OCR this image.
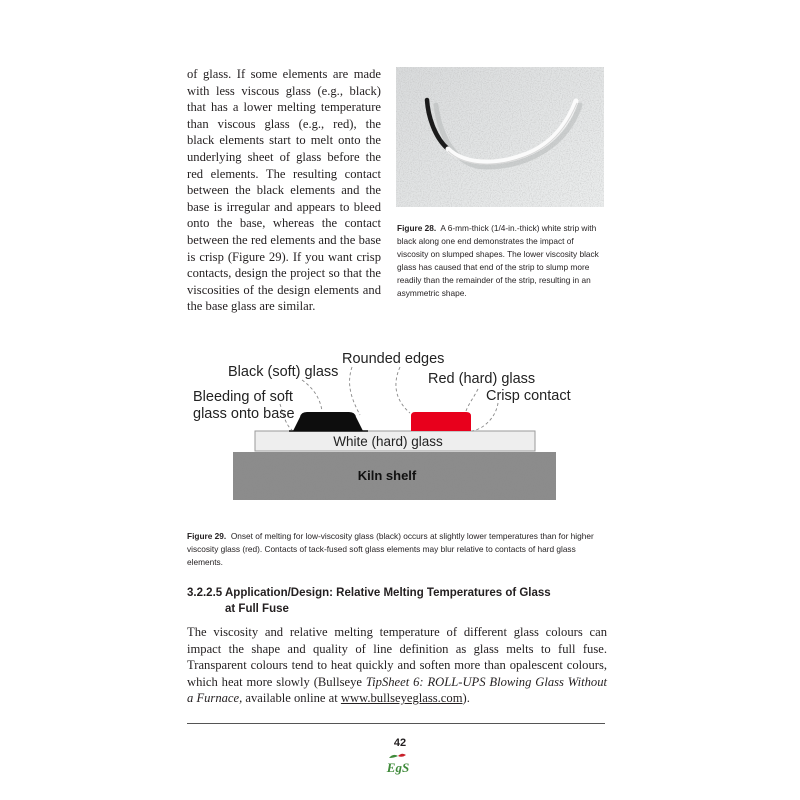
of glass. If some elements are made with less viscous glass (e.g., black) that has a lower melting temperature than viscous glass (e.g., red), the black elements start to melt onto the underlying sheet of glass before the red elements. The resulting contact between the black elements and the base is irregular and appears to bleed onto the base, whereas the contact between the red elements and the base is crisp (Figure 29). If you want crisp contacts, design the project so that the viscosities of the design elements and the base glass are similar.
Figure 28. A 6-mm-thick (1/4-in.-thick) white strip with black along one end demonstrates the impact of viscosity on slumped shapes. The lower viscosity black glass has caused that end of the strip to slump more readily than the remainder of the strip, resulting in an asymmetric shape.
Kiln shelf
White (hard) glass
Black (soft) glass
Rounded edges
Red (hard) glass
Bleeding of soft
glass onto base
Crisp contact
Figure 29. Onset of melting for low-viscosity glass (black) occurs at slightly lower temperatures than for higher viscosity glass (red). Contacts of tack-fused soft glass elements may blur relative to contacts of hard glass elements.
3.2.2.5 Application/Design: Relative Melting Temperatures of Glass
at Full Fuse
The viscosity and relative melting temperature of different glass colours can impact the shape and quality of line definition as glass melts to full fuse. Transparent colours tend to heat quickly and soften more than opalescent colours, which heat more slowly (Bullseye TipSheet 6: ROLL-UPS Blowing Glass Without a Furnace, available online at www.bullseyeglass.com).
42
EgS
